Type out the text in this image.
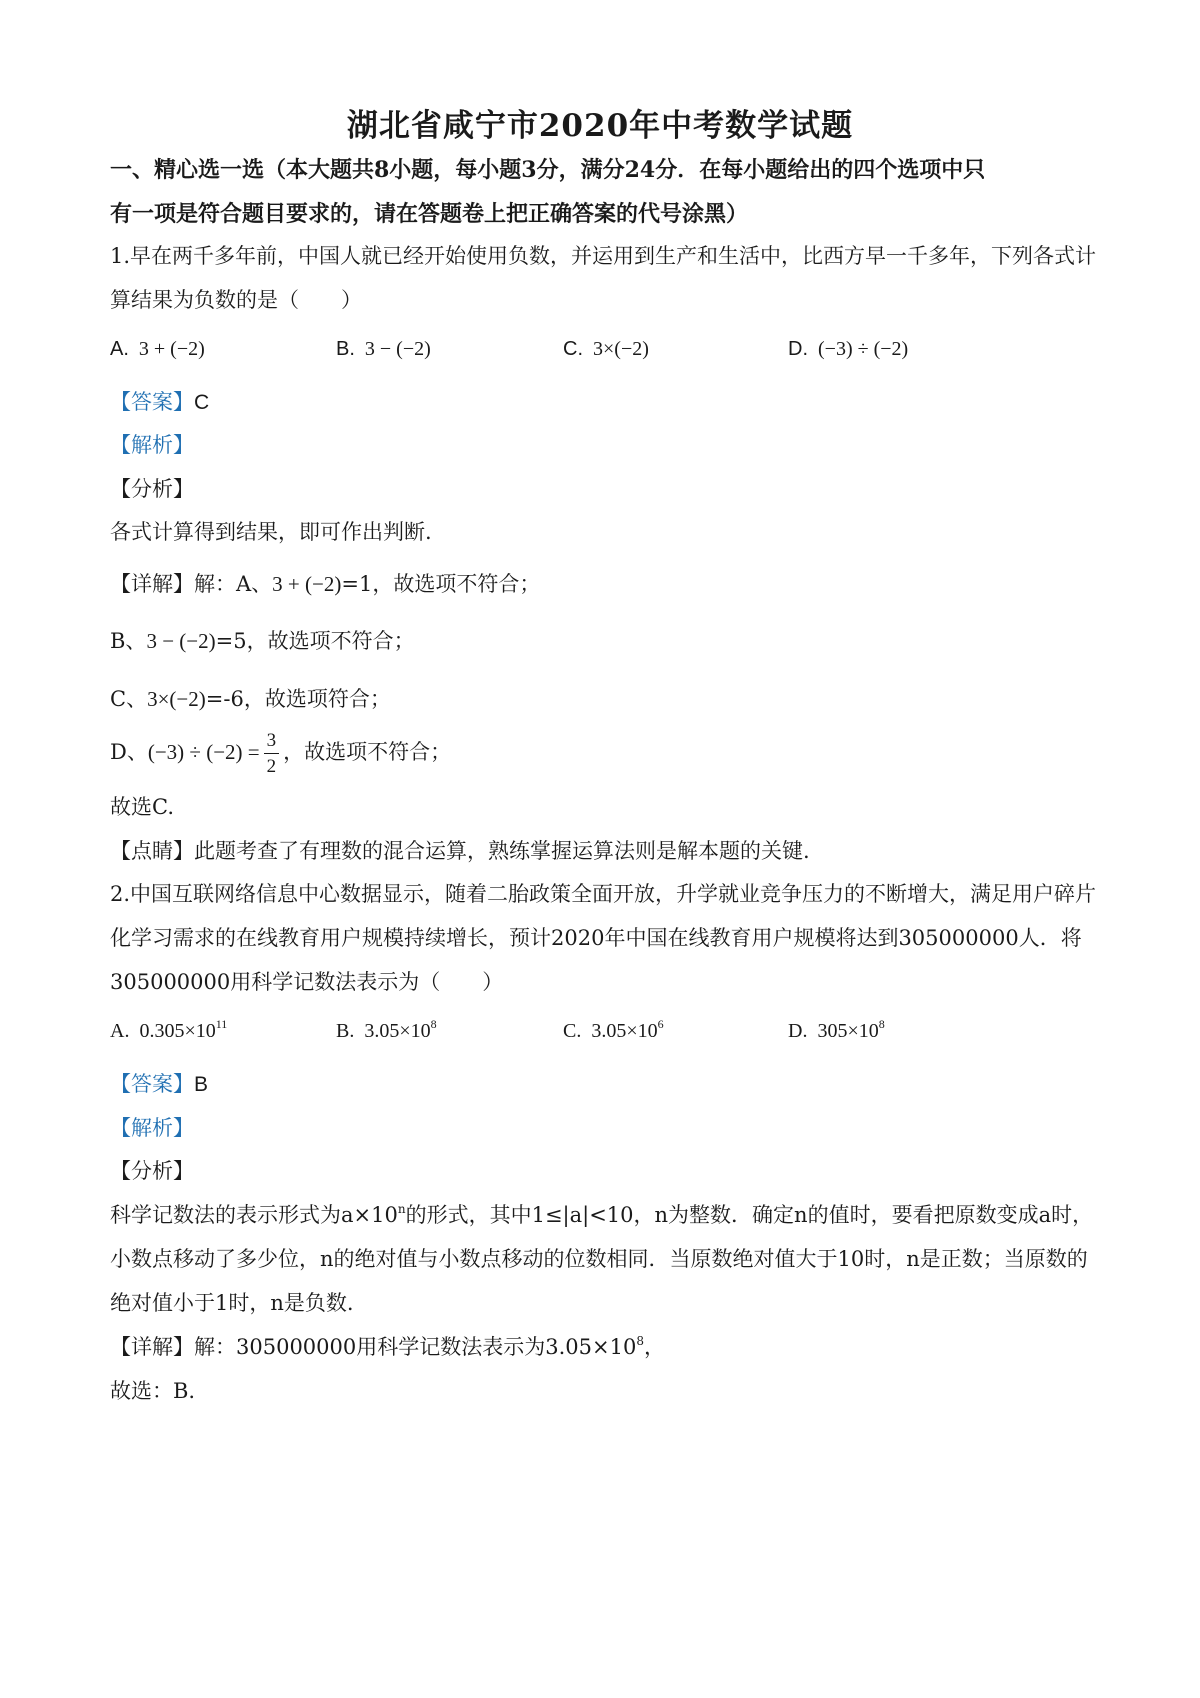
湖北省咸宁市2020年中考数学试题
一、精心选一选（本大题共8小题，每小题3分，满分24分．在每小题给出的四个选项中只
有一项是符合题目要求的，请在答题卷上把正确答案的代号涂黑）
1.早在两千多年前，中国人就已经开始使用负数，并运用到生产和生活中，比西方早一千多年，下列各式计
算结果为负数的是（　　）
A. 3 + (−2)	B. 3 − (−2)	C. 3×(−2)	D. (−3) ÷ (−2)
【答案】C
【解析】
【分析】
各式计算得到结果，即可作出判断.
【详解】解：A、3 + (−2)=1，故选项不符合；
B、3 − (−2)=5，故选项不符合；
C、3×(−2)=-6，故选项符合；
D、$(-3) \div (-2) = \frac{3}{2}$ ，故选项不符合；
故选C.
【点睛】此题考查了有理数的混合运算，熟练掌握运算法则是解本题的关键.
2.中国互联网络信息中心数据显示，随着二胎政策全面开放，升学就业竞争压力的不断增大，满足用户碎片
化学习需求的在线教育用户规模持续增长，预计2020年中国在线教育用户规模将达到305000000人．将
305000000用科学记数法表示为（　　）
A. $0.305\times 10^{11}$	B. $3.05\times 10^8$	C. $3.05\times 10^6$	D. $305\times 10^8$
【答案】B
【解析】
【分析】
科学记数法的表示形式为$a\times 10^n$的形式，其中1≤|a|<10，n为整数．确定n的值时，要看把原数变成a时，
小数点移动了多少位，n的绝对值与小数点移动的位数相同．当原数绝对值大于10时，n是正数；当原数的
绝对值小于1时，n是负数.
【详解】解：305000000用科学记数法表示为$3.05\times 10^8$，
故选：B.
